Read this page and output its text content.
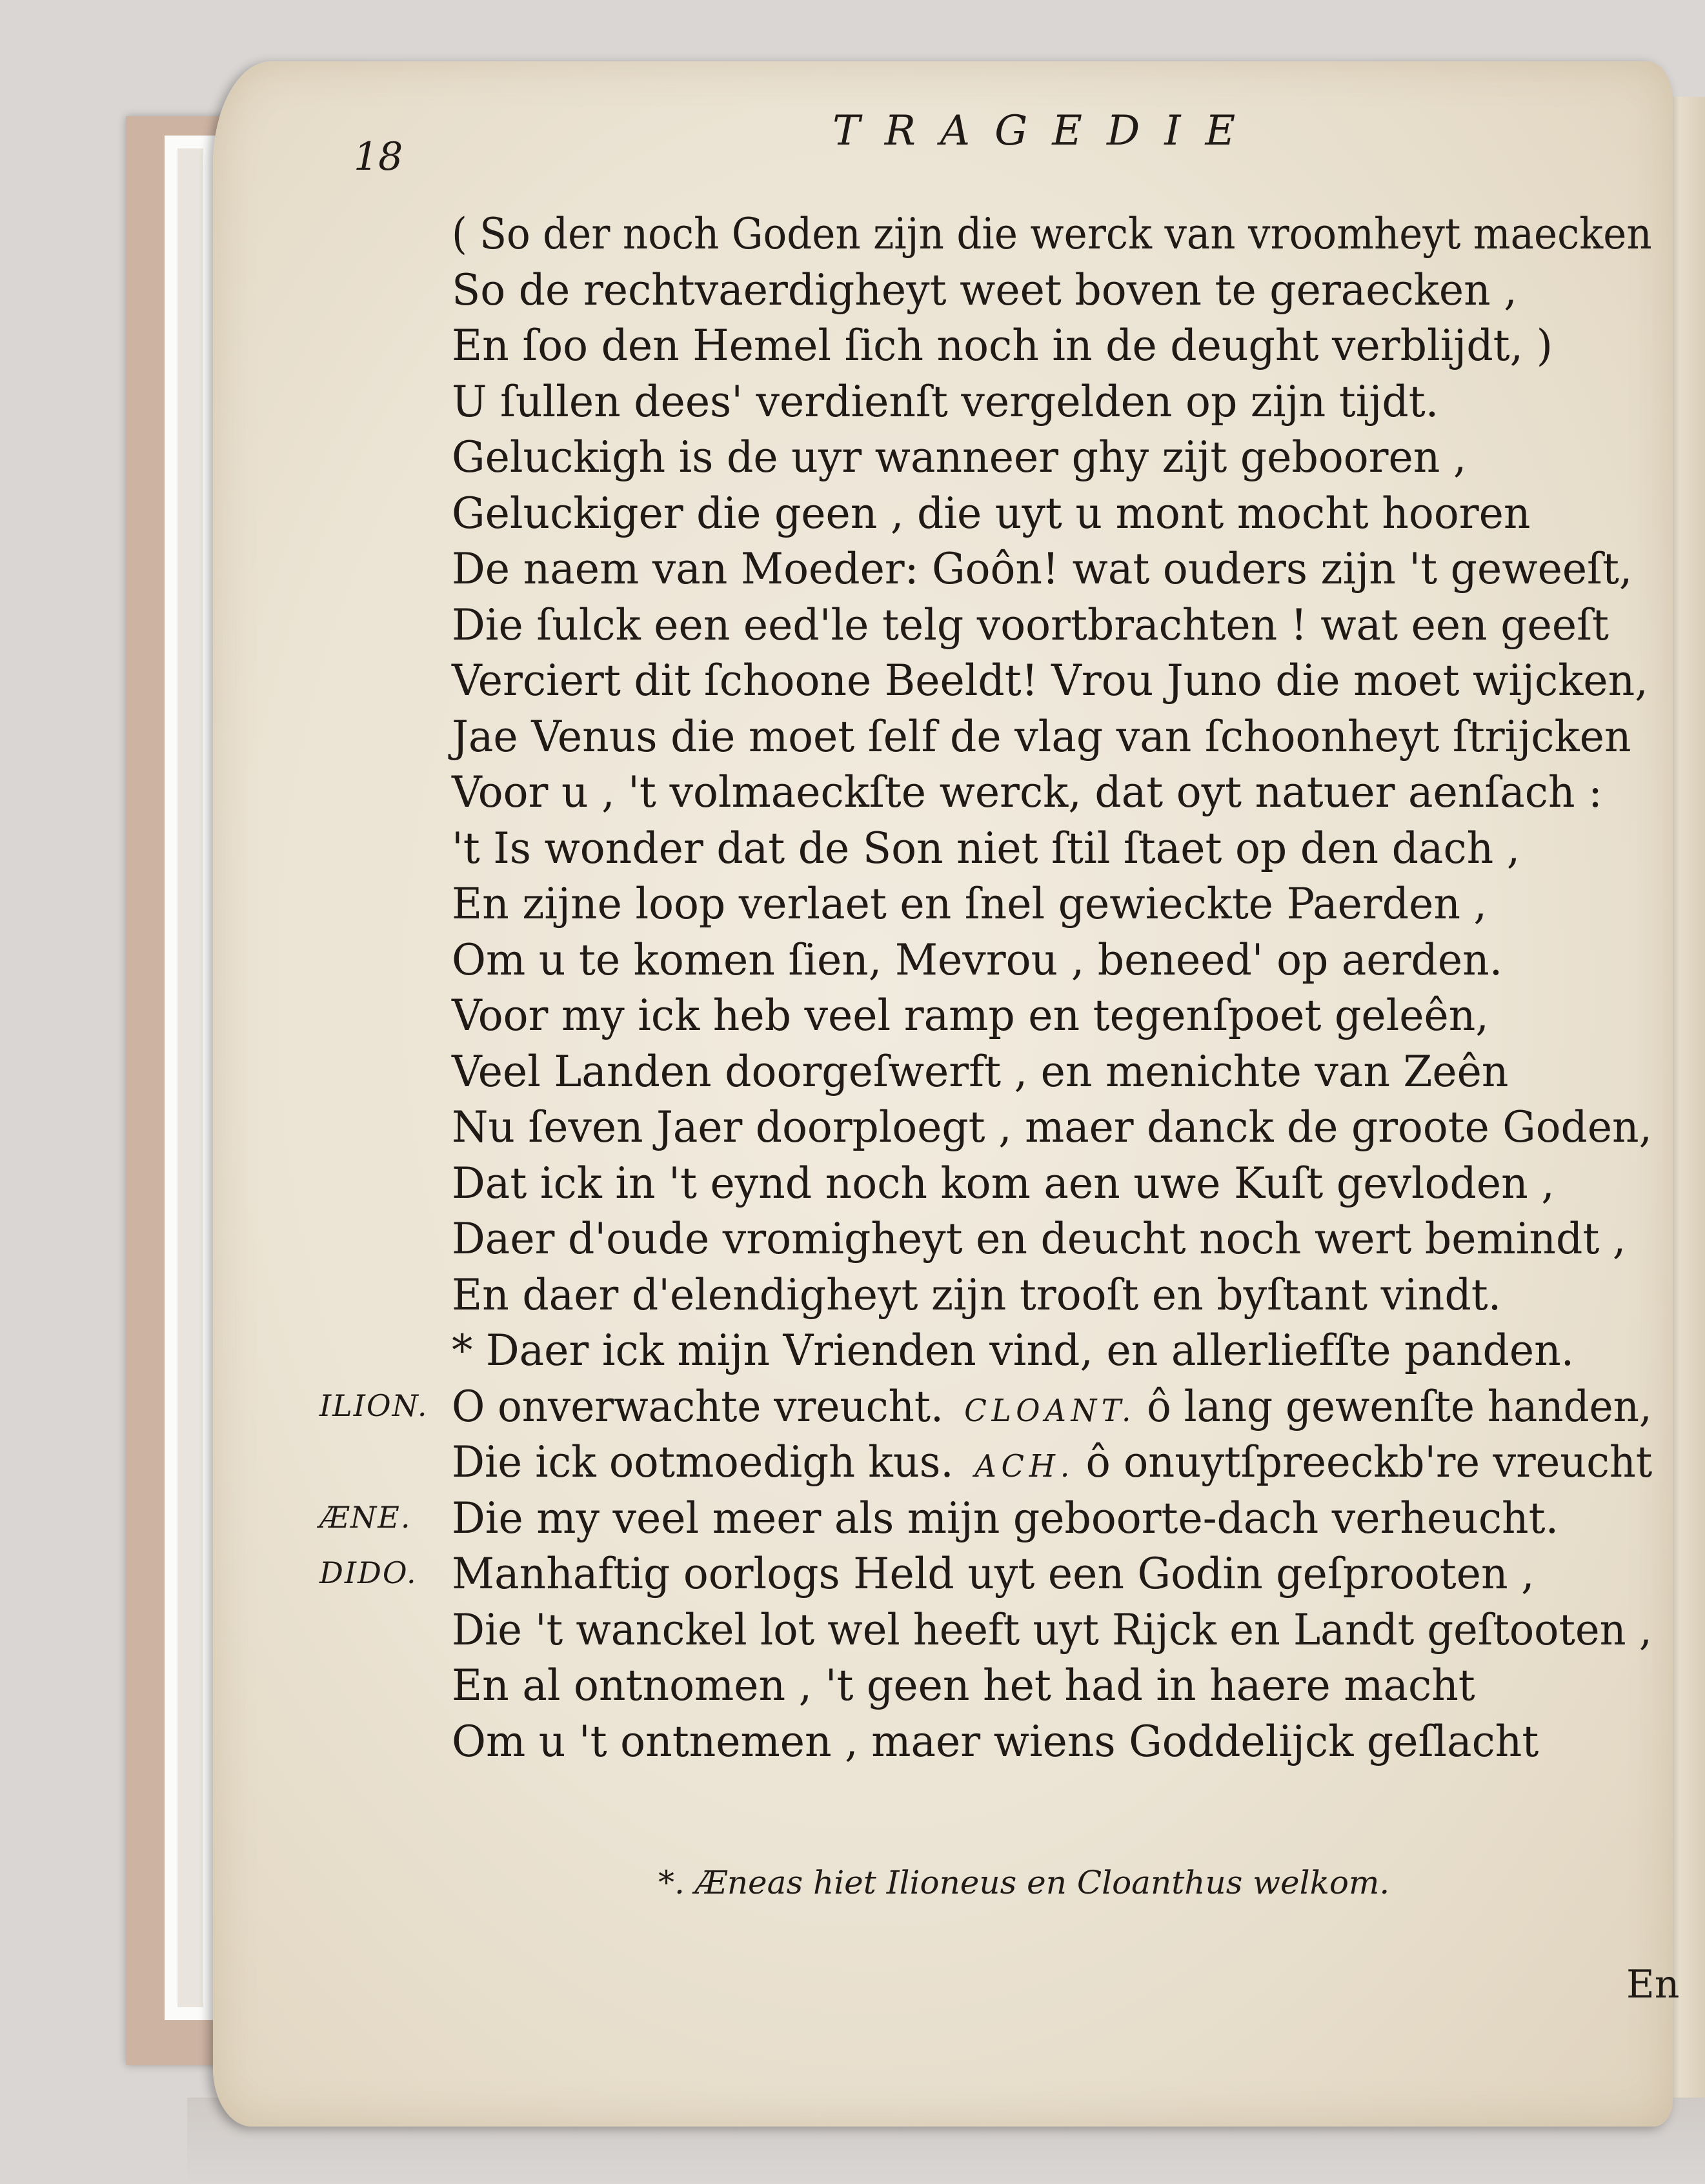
18
TRAGEDIE
( So der noch Goden zijn die werck van vroomheyt maecken
So de rechtvaerdigheyt weet boven te geraecken ,
En ſoo den Hemel ſich noch in de deught verblijdt, )
U ſullen dees' verdienſt vergelden op zijn tijdt.
Geluckigh is de uyr wanneer ghy zijt gebooren ,
Geluckiger die geen , die uyt u mont mocht hooren
De naem van Moeder: Goôn! wat ouders zijn 't geweeſt,
Die ſulck een eed'le telg voortbrachten ! wat een geeſt
Verciert dit ſchoone Beeldt! Vrou Juno die moet wijcken,
Jae Venus die moet ſelf de vlag van ſchoonheyt ſtrijcken
Voor u , 't volmaeckſte werck, dat oyt natuer aenſach :
't Is wonder dat de Son niet ſtil ſtaet op den dach ,
En zijne loop verlaet en ſnel gewieckte Paerden ,
Om u te komen ſien, Mevrou , beneed' op aerden.
Voor my ick heb veel ramp en tegenſpoet geleên,
Veel Landen doorgeſwerft , en menichte van Zeên
Nu ſeven Jaer doorploegt , maer danck de groote Goden,
Dat ick in 't eynd noch kom aen uwe Kuſt gevloden ,
Daer d'oude vromigheyt en deucht noch wert bemindt ,
En daer d'elendigheyt zijn trooſt en byſtant vindt.
* Daer ick mijn Vrienden vind, en allerliefſte panden.
O onverwachte vreucht. CLOANT. ô lang gewenſte handen,
Die ick ootmoedigh kus. ACH. ô onuytſpreeckb're vreucht
Die my veel meer als mijn geboorte-dach verheucht.
Manhaftig oorlogs Held uyt een Godin geſprooten ,
Die 't wanckel lot wel heeft uyt Rijck en Landt geſtooten ,
En al ontnomen , 't geen het had in haere macht
Om u 't ontnemen , maer wiens Goddelijck geſlacht
*. Æneas hiet Ilioneus en Cloanthus welkom.
En
ILION.
ÆNE.
DIDO.
